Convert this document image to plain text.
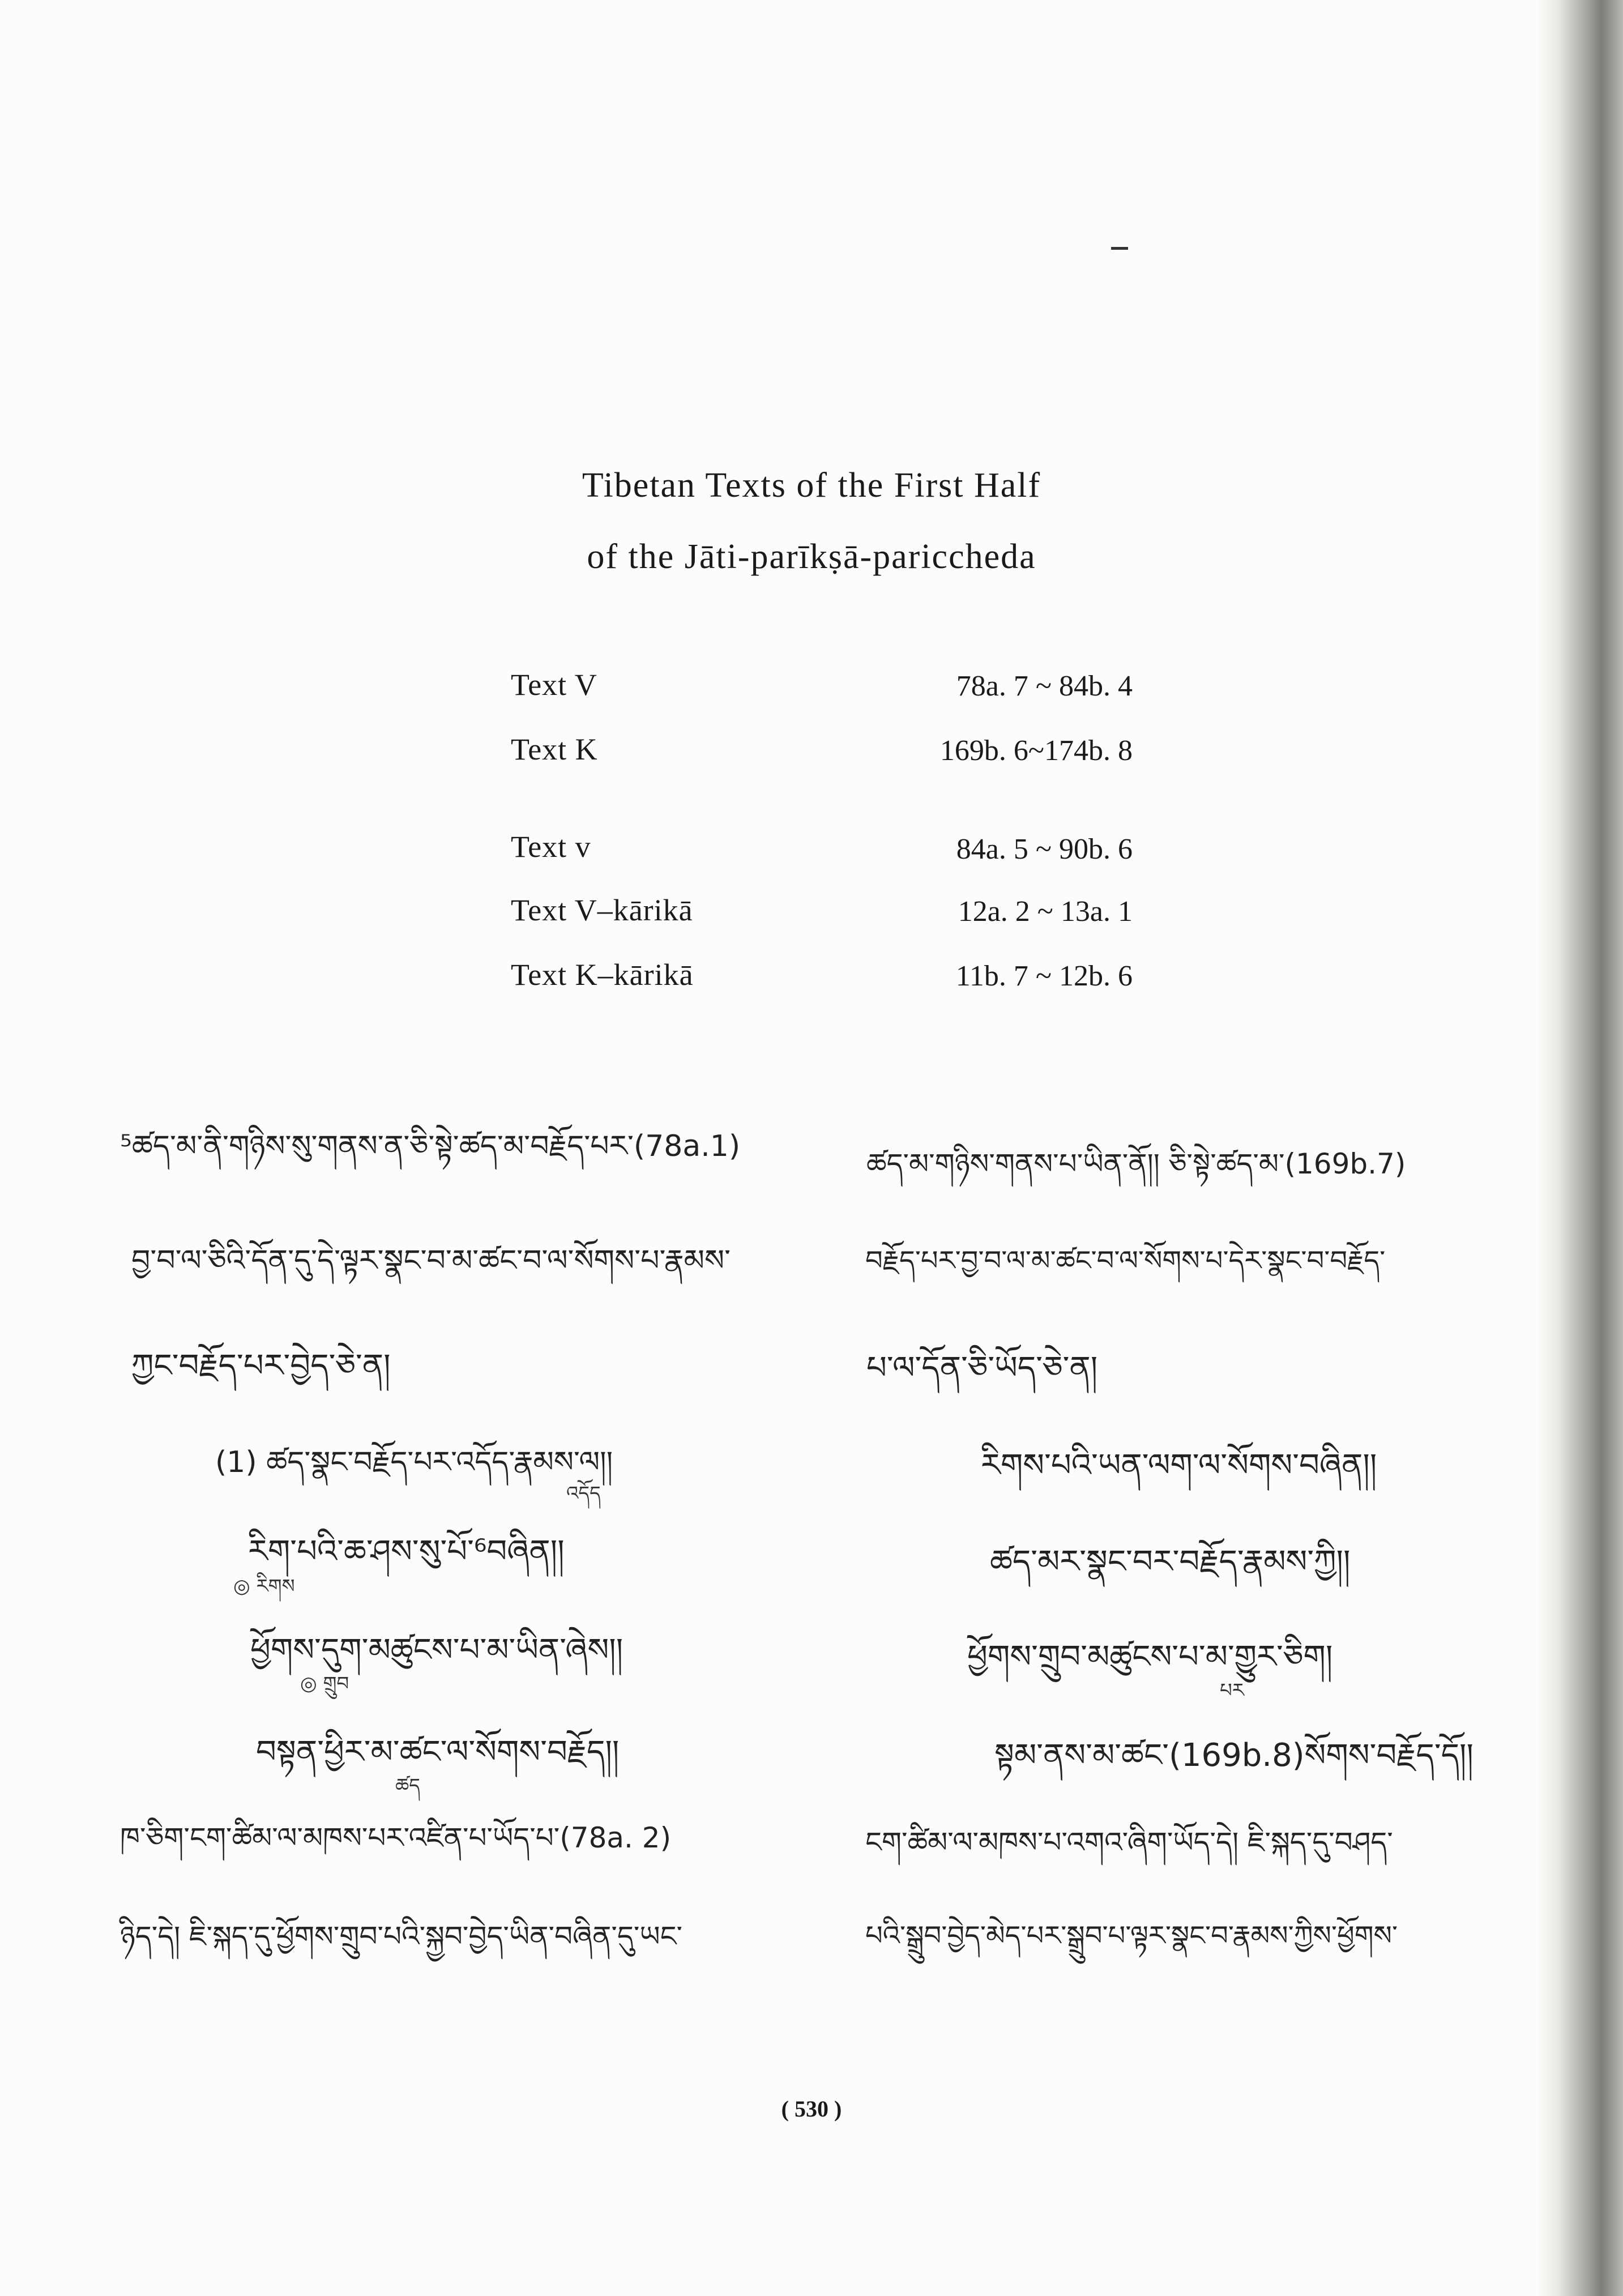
Tibetan Texts of the First Half
of the Jāti-parīkṣā-pariccheda
Text V	78a. 7 ~ 84b. 4
Text K	169b. 6~174b. 8
Text v	84a. 5 ~ 90b. 6
Text V–kārikā	12a. 2 ~ 13a. 1
Text K–kārikā	11b. 7 ~ 12b. 6
⁵ཚད་མ་ནི་གཉིས་སུ་གནས་ན་ཅི་སྟེ་ཚད་མ་བརྗོད་པར་(78a.1)
བྱ་བ་ལ་ཅིའི་དོན་དུ་དེ་ལྟར་སྣང་བ་མ་ཚང་བ་ལ་སོགས་པ་རྣམས་
ཀྱང་བརྗོད་པར་བྱེད་ཅེ་ན།
(1) ཚད་སྣང་བརྗོད་པར་འདོད་རྣམས་ལ།།
འདོད
རིག་པའི་ཆ་ཤས་སུ་པོ་⁶བཞིན།།
◎ རིགས
ཕྱོགས་དུག་མཚུངས་པ་མ་ཡིན་ཞེས།།
◎ གྲུབ
བསྟན་ཕྱིར་མ་ཚང་ལ་སོགས་བརྗོད།།
ཚད
ཁ་ཅིག་ངག་ཚིམ་ལ་མཁས་པར་འཛིན་པ་ཡོད་པ་(78a. 2)
ཉིད་དེ། ཇི་སྐད་དུ་ཕྱོགས་གྲུབ་པའི་སྐྱབ་བྱེད་ཡིན་བཞིན་དུ་ཡང་
ཚད་མ་གཉིས་གནས་པ་ཡིན་ནོ།། ཅི་སྟེ་ཚད་མ་(169b.7)
བརྗོད་པར་བྱ་བ་ལ་མ་ཚང་བ་ལ་སོགས་པ་དེར་སྣང་བ་བརྗོད་
པ་ལ་དོན་ཅི་ཡོད་ཅེ་ན།
རིགས་པའི་ཡན་ལག་ལ་སོགས་བཞིན།།
ཚད་མར་སྣང་བར་བརྗོད་རྣམས་ཀྱི།།
ཕྱོགས་གྲུབ་མཚུངས་པ་མ་གྱུར་ཅིག།
པར
སྟམ་ནས་མ་ཚང་(169b.8)སོགས་བརྗོད་དོ།།
ངག་ཚིམ་ལ་མཁས་པ་འགའ་ཞིག་ཡོད་དེ། ཇི་སྐད་དུ་བཤད་
པའི་སྒྲུབ་བྱེད་མེད་པར་སྒྲུབ་པ་ལྟར་སྣང་བ་རྣམས་ཀྱིས་ཕྱོགས་
( 530 )
